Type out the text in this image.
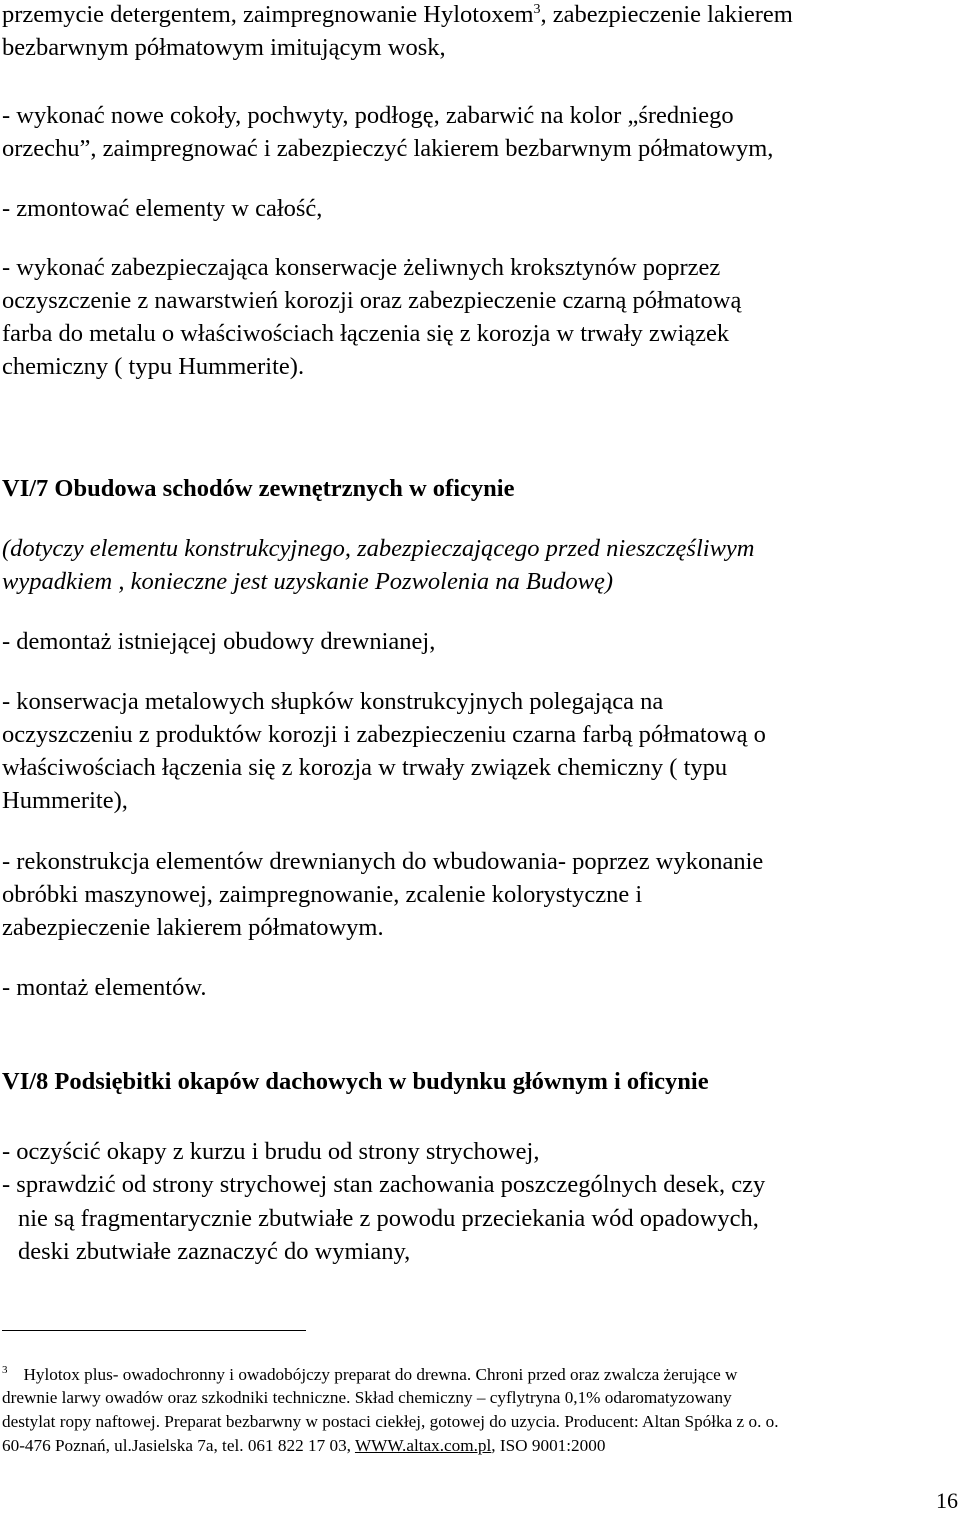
przemycie detergentem, zaimpregnowanie Hylotoxem$^3$, zabezpieczenie lakierem
bezbarwnym półmatowym imitującym wosk,
- wykonać nowe cokoły, pochwyty, podłogę, zabarwić na kolor „średniego
orzechu”, zaimpregnować i zabezpieczyć lakierem bezbarwnym półmatowym,
- zmontować elementy w całość,
- wykonać zabezpieczająca konserwacje żeliwnych kroksztynów poprzez
oczyszczenie z nawarstwień korozji oraz zabezpieczenie czarną półmatową
farba do metalu o właściwościach łączenia się z korozja w trwały związek
chemiczny ( typu Hummerite).
VI/7 Obudowa schodów zewnętrznych w oficynie
(dotyczy elementu konstrukcyjnego, zabezpieczającego przed nieszczęśliwym
wypadkiem , konieczne jest uzyskanie Pozwolenia na Budowę)
- demontaż istniejącej obudowy drewnianej,
- konserwacja metalowych słupków konstrukcyjnych polegająca na
oczyszczeniu z produktów korozji i zabezpieczeniu czarna farbą półmatową o
właściwościach łączenia się z korozja w trwały związek chemiczny ( typu
Hummerite),
- rekonstrukcja elementów drewnianych do wbudowania- poprzez wykonanie
obróbki maszynowej, zaimpregnowanie, zcalenie kolorystyczne i
zabezpieczenie lakierem półmatowym.
- montaż elementów.
VI/8 Podsiębitki okapów dachowych w budynku głównym i oficynie
- oczyścić okapy z kurzu i brudu od strony strychowej,
- sprawdzić od strony strychowej stan zachowania poszczególnych desek, czy
nie są fragmentarycznie zbutwiałe z powodu przeciekania wód opadowych,
deski zbutwiałe zaznaczyć do wymiany,
$^3$ Hylotox plus- owadochronny i owadobójczy preparat do drewna. Chroni przed oraz zwalcza żerujące w
drewnie larwy owadów oraz szkodniki techniczne. Skład chemiczny – cyflytryna 0,1% odaromatyzowany
destylat ropy naftowej. Preparat bezbarwny w postaci ciekłej, gotowej do uzycia. Producent: Altan Spółka z o. o.
60-476 Poznań, ul.Jasielska 7a, tel. 061 822 17 03, WWW.altax.com.pl, ISO 9001:2000
16
